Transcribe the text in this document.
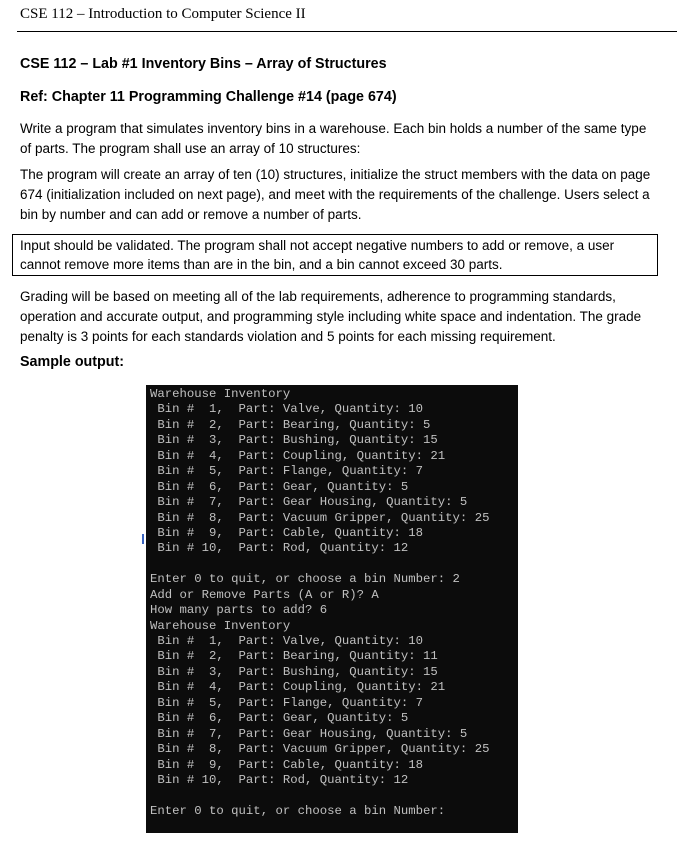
CSE 112 – Introduction to Computer Science II
CSE 112 – Lab #1 Inventory Bins – Array of Structures
Ref: Chapter 11 Programming Challenge #14 (page 674)
Write a program that simulates inventory bins in a warehouse. Each bin holds a number of the same type of parts. The program shall use an array of 10 structures:
The program will create an array of ten (10) structures, initialize the struct members with the data on page 674 (initialization included on next page), and meet with the requirements of the challenge. Users select a bin by number and can add or remove a number of parts.
Input should be validated. The program shall not accept negative numbers to add or remove, a user cannot remove more items than are in the bin, and a bin cannot exceed 30 parts.
Grading will be based on meeting all of the lab requirements, adherence to programming standards, operation and accurate output, and programming style including white space and indentation. The grade penalty is 3 points for each standards violation and 5 points for each missing requirement.
Sample output:
Warehouse Inventory
Bin #  1,  Part: Valve, Quantity: 10
Bin #  2,  Part: Bearing, Quantity: 5
Bin #  3,  Part: Bushing, Quantity: 15
Bin #  4,  Part: Coupling, Quantity: 21
Bin #  5,  Part: Flange, Quantity: 7
Bin #  6,  Part: Gear, Quantity: 5
Bin #  7,  Part: Gear Housing, Quantity: 5
Bin #  8,  Part: Vacuum Gripper, Quantity: 25
Bin #  9,  Part: Cable, Quantity: 18
Bin # 10,  Part: Rod, Quantity: 12
Enter 0 to quit, or choose a bin Number: 2
Add or Remove Parts (A or R)? A
How many parts to add? 6
Warehouse Inventory
Bin #  1,  Part: Valve, Quantity: 10
Bin #  2,  Part: Bearing, Quantity: 11
Bin #  3,  Part: Bushing, Quantity: 15
Bin #  4,  Part: Coupling, Quantity: 21
Bin #  5,  Part: Flange, Quantity: 7
Bin #  6,  Part: Gear, Quantity: 5
Bin #  7,  Part: Gear Housing, Quantity: 5
Bin #  8,  Part: Vacuum Gripper, Quantity: 25
Bin #  9,  Part: Cable, Quantity: 18
Bin # 10,  Part: Rod, Quantity: 12
Enter 0 to quit, or choose a bin Number:
